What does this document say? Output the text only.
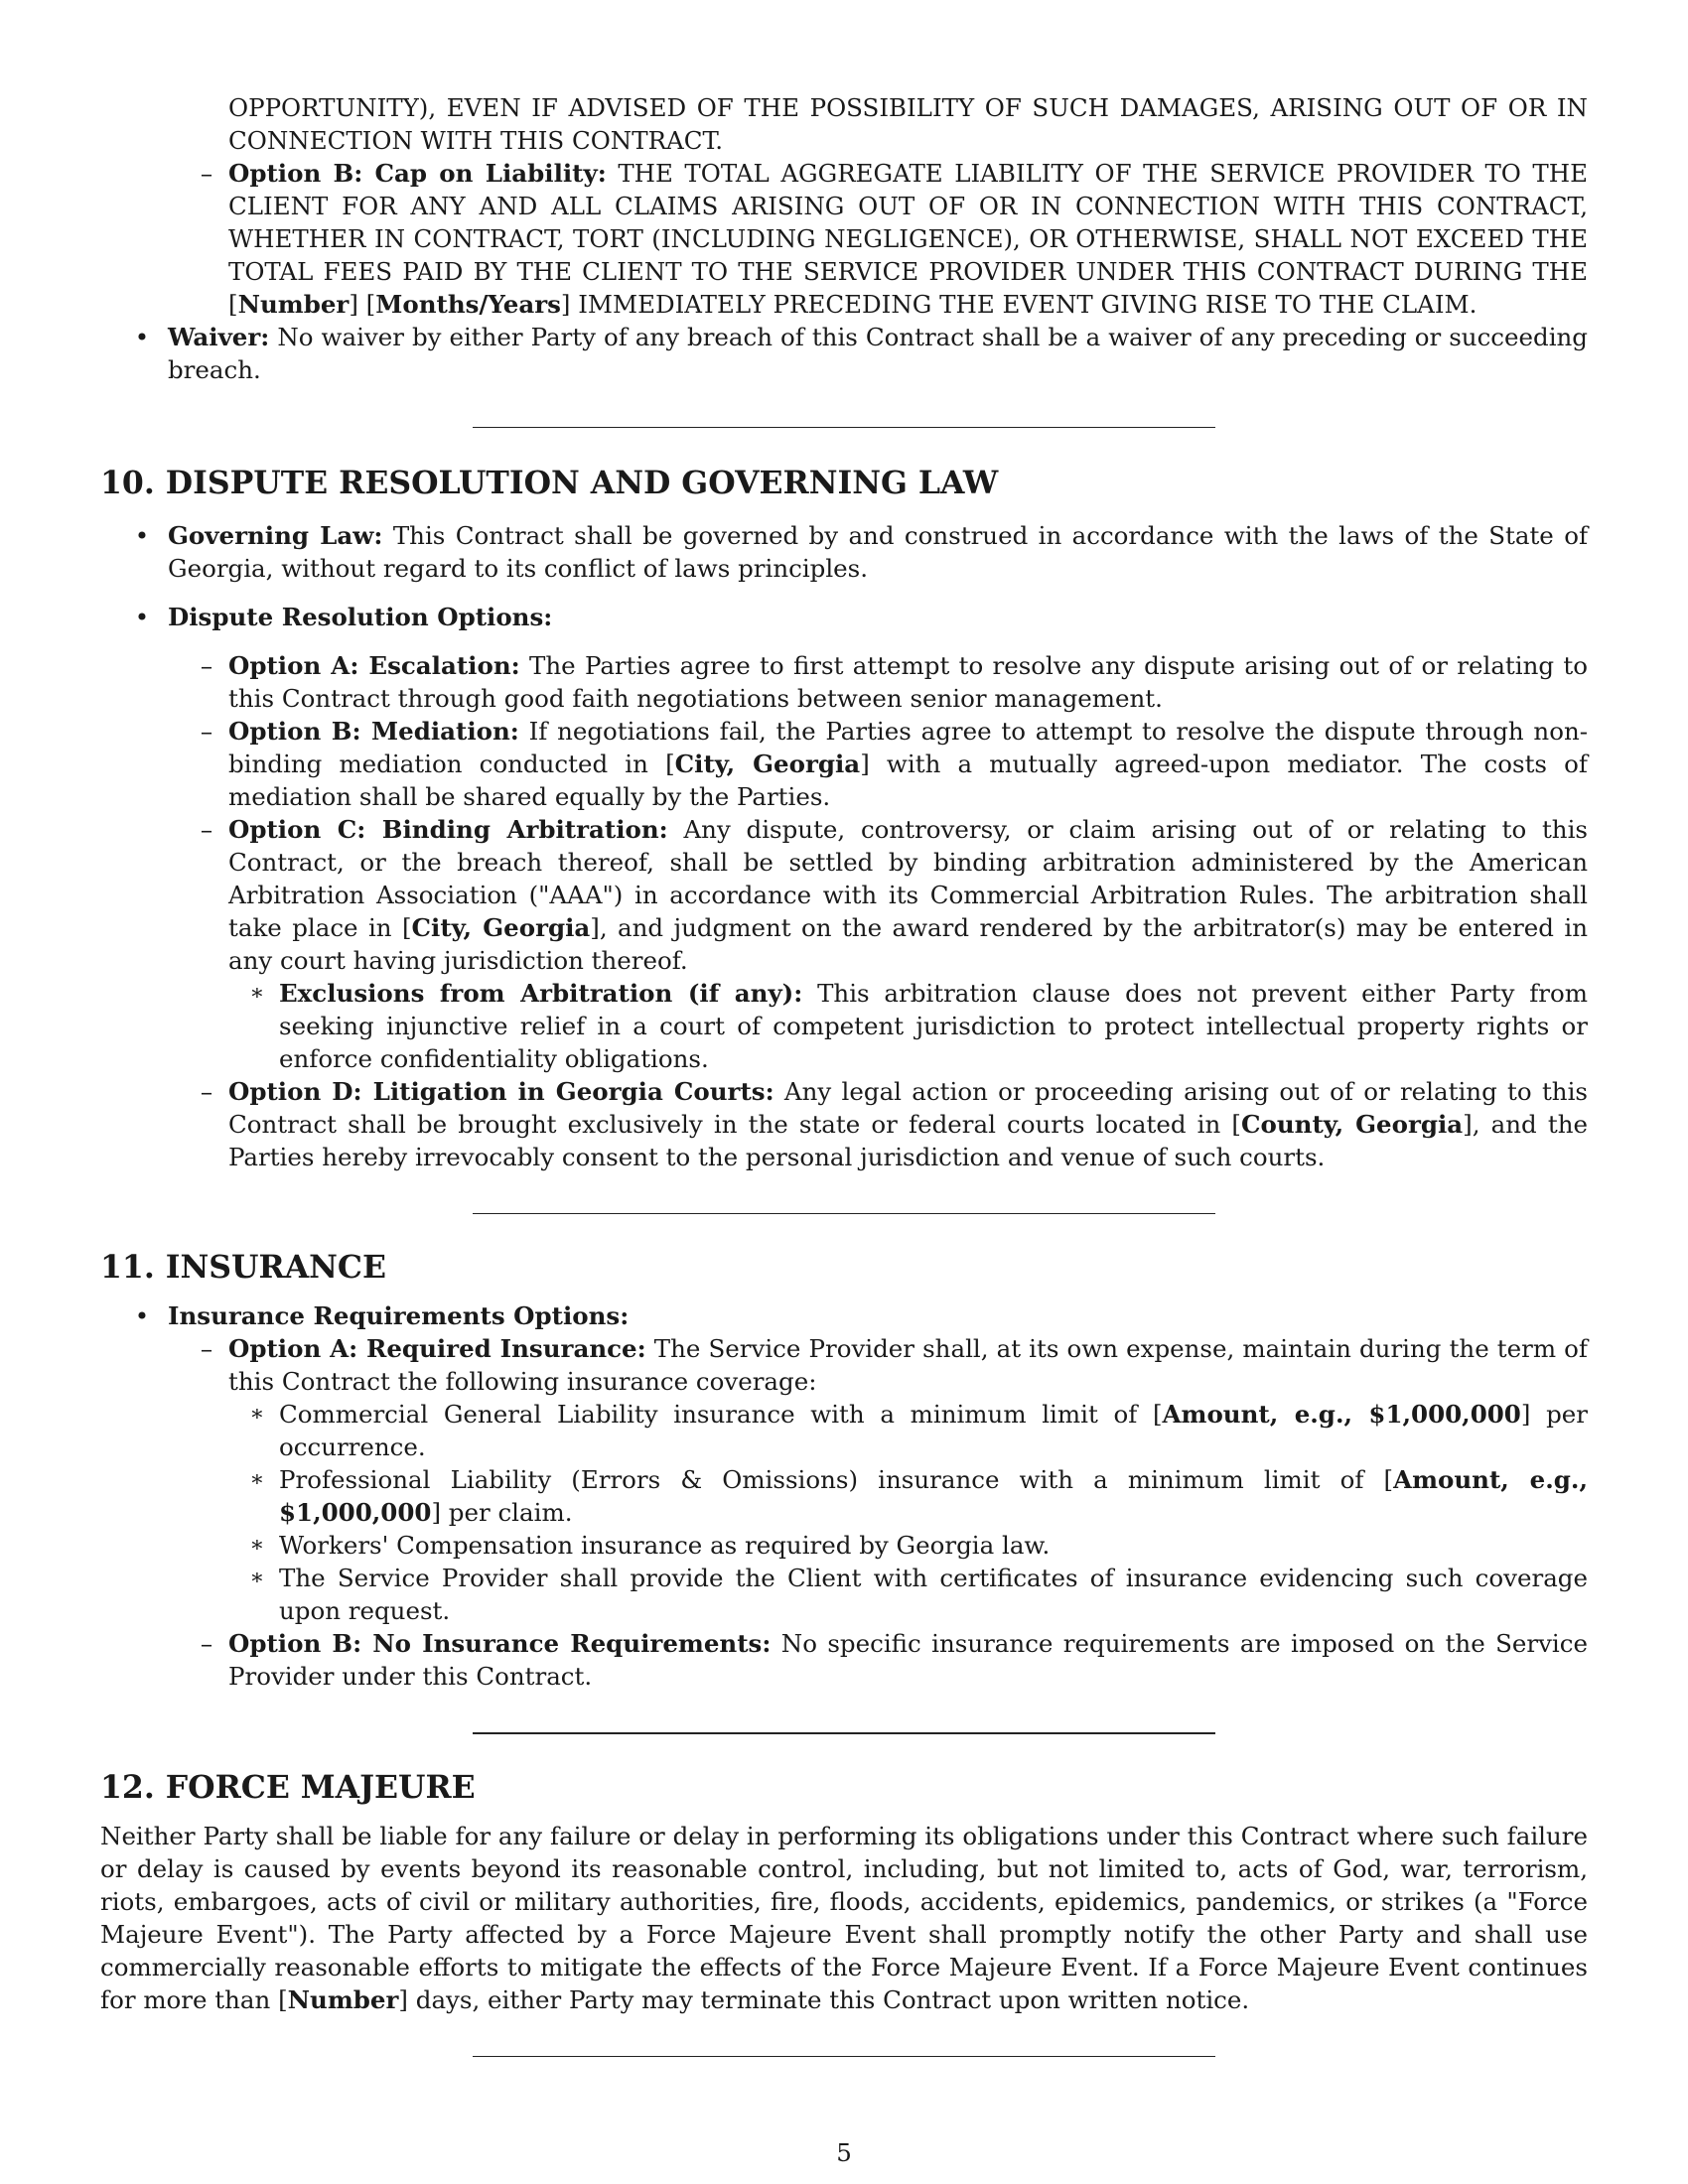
OPPORTUNITY), EVEN IF ADVISED OF THE POSSIBILITY OF SUCH DAMAGES, ARISING OUT OF OR IN CONNECTION WITH THIS CONTRACT.
– Option B: Cap on Liability: THE TOTAL AGGREGATE LIABILITY OF THE SERVICE PROVIDER TO THE CLIENT FOR ANY AND ALL CLAIMS ARISING OUT OF OR IN CONNECTION WITH THIS CONTRACT, WHETHER IN CONTRACT, TORT (INCLUDING NEGLIGENCE), OR OTHERWISE, SHALL NOT EXCEED THE TOTAL FEES PAID BY THE CLIENT TO THE SERVICE PROVIDER UNDER THIS CONTRACT DURING THE [Number] [Months/Years] IMMEDIATELY PRECEDING THE EVENT GIVING RISE TO THE CLAIM.
• Waiver: No waiver by either Party of any breach of this Contract shall be a waiver of any preceding or succeeding breach.
10. DISPUTE RESOLUTION AND GOVERNING LAW
• Governing Law: This Contract shall be governed by and construed in accordance with the laws of the State of Georgia, without regard to its conflict of laws principles.
• Dispute Resolution Options:
– Option A: Escalation: The Parties agree to first attempt to resolve any dispute arising out of or relating to this Contract through good faith negotiations between senior management.
– Option B: Mediation: If negotiations fail, the Parties agree to attempt to resolve the dispute through non-binding mediation conducted in [City, Georgia] with a mutually agreed-upon mediator. The costs of mediation shall be shared equally by the Parties.
– Option C: Binding Arbitration: Any dispute, controversy, or claim arising out of or relating to this Contract, or the breach thereof, shall be settled by binding arbitration administered by the American Arbitration Association ("AAA") in accordance with its Commercial Arbitration Rules. The arbitration shall take place in [City, Georgia], and judgment on the award rendered by the arbitrator(s) may be entered in any court having jurisdiction thereof.
∗ Exclusions from Arbitration (if any): This arbitration clause does not prevent either Party from seeking injunctive relief in a court of competent jurisdiction to protect intellectual property rights or enforce confidentiality obligations.
– Option D: Litigation in Georgia Courts: Any legal action or proceeding arising out of or relating to this Contract shall be brought exclusively in the state or federal courts located in [County, Georgia], and the Parties hereby irrevocably consent to the personal jurisdiction and venue of such courts.
11. INSURANCE
• Insurance Requirements Options:
– Option A: Required Insurance: The Service Provider shall, at its own expense, maintain during the term of this Contract the following insurance coverage:
∗ Commercial General Liability insurance with a minimum limit of [Amount, e.g., $1,000,000] per occurrence.
∗ Professional Liability (Errors & Omissions) insurance with a minimum limit of [Amount, e.g., $1,000,000] per claim.
∗ Workers' Compensation insurance as required by Georgia law.
∗ The Service Provider shall provide the Client with certificates of insurance evidencing such coverage upon request.
– Option B: No Insurance Requirements: No specific insurance requirements are imposed on the Service Provider under this Contract.
12. FORCE MAJEURE
Neither Party shall be liable for any failure or delay in performing its obligations under this Contract where such failure or delay is caused by events beyond its reasonable control, including, but not limited to, acts of God, war, terrorism, riots, embargoes, acts of civil or military authorities, fire, floods, accidents, epidemics, pandemics, or strikes (a "Force Majeure Event"). The Party affected by a Force Majeure Event shall promptly notify the other Party and shall use commercially reasonable efforts to mitigate the effects of the Force Majeure Event. If a Force Majeure Event continues for more than [Number] days, either Party may terminate this Contract upon written notice.
5
